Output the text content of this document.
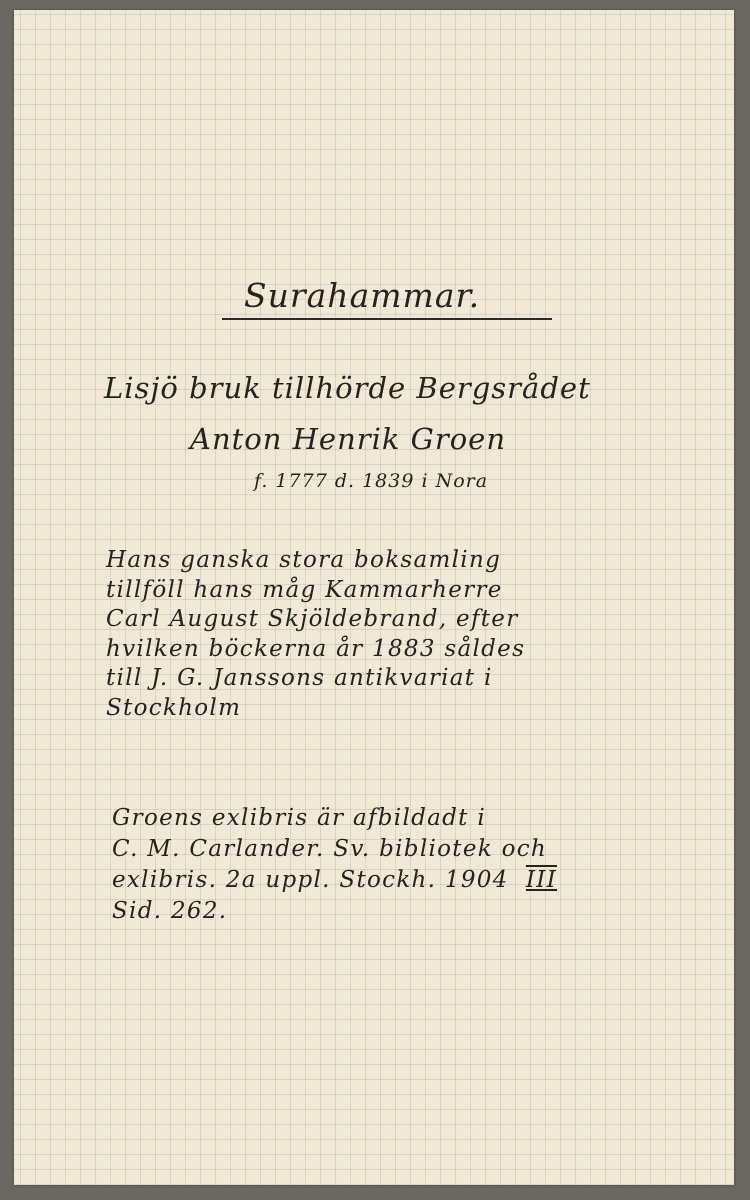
Surahammar.
Lisjö bruk tillhörde Bergsrådet
Anton Henrik Groen
f. 1777 d. 1839 i Nora
Hans ganska stora boksamling
tillföll hans måg Kammarherre
Carl August Skjöldebrand, efter
hvilken böckerna år 1883 såldes
till J. G. Janssons antikvariat i
Stockholm
Groens exlibris är afbildadt i
C. M. Carlander. Sv. bibliotek och
exlibris. 2a uppl. Stockh. 1904 III
Sid. 262.
